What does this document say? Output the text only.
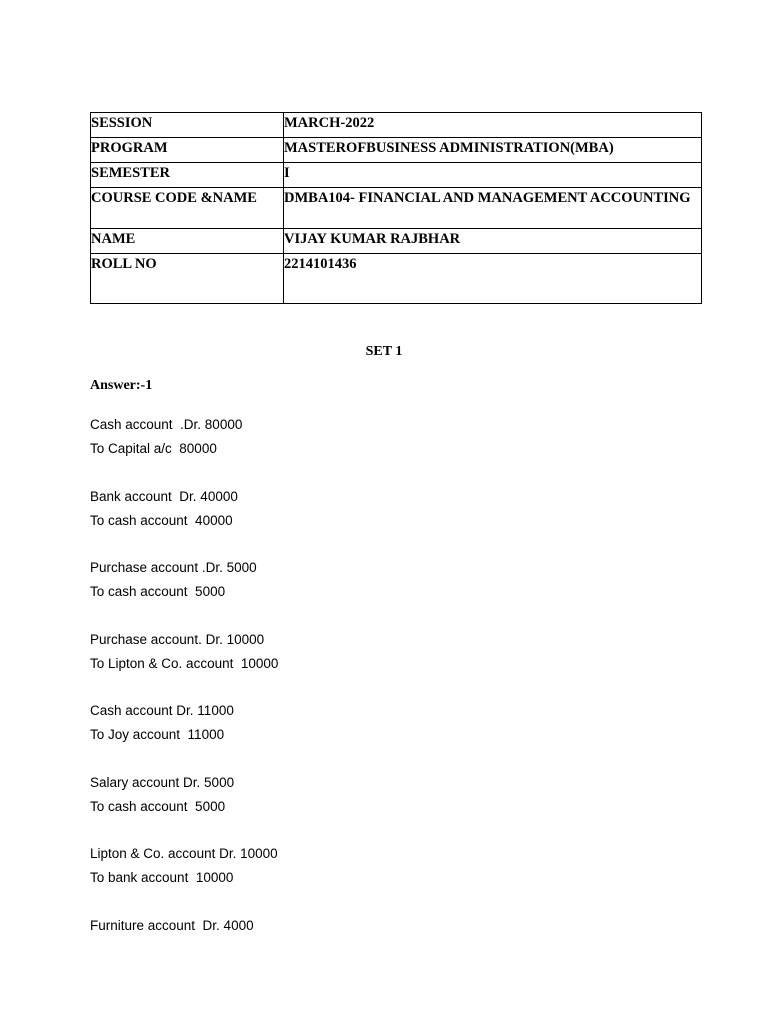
SESSION	MARCH-2022
PROGRAM	MASTEROFBUSINESS ADMINISTRATION(MBA)
SEMESTER	I
COURSE CODE &NAME	DMBA104- FINANCIAL AND MANAGEMENT ACCOUNTING
NAME	VIJAY KUMAR RAJBHAR
ROLL NO	2214101436
SET 1
Answer:-1
Cash account  .Dr. 80000
To Capital a/c  80000
Bank account  Dr. 40000
To cash account  40000
Purchase account .Dr. 5000
To cash account  5000
Purchase account. Dr. 10000
To Lipton & Co. account  10000
Cash account Dr. 11000
To Joy account  11000
Salary account Dr. 5000
To cash account  5000
Lipton & Co. account Dr. 10000
To bank account  10000
Furniture account  Dr. 4000
